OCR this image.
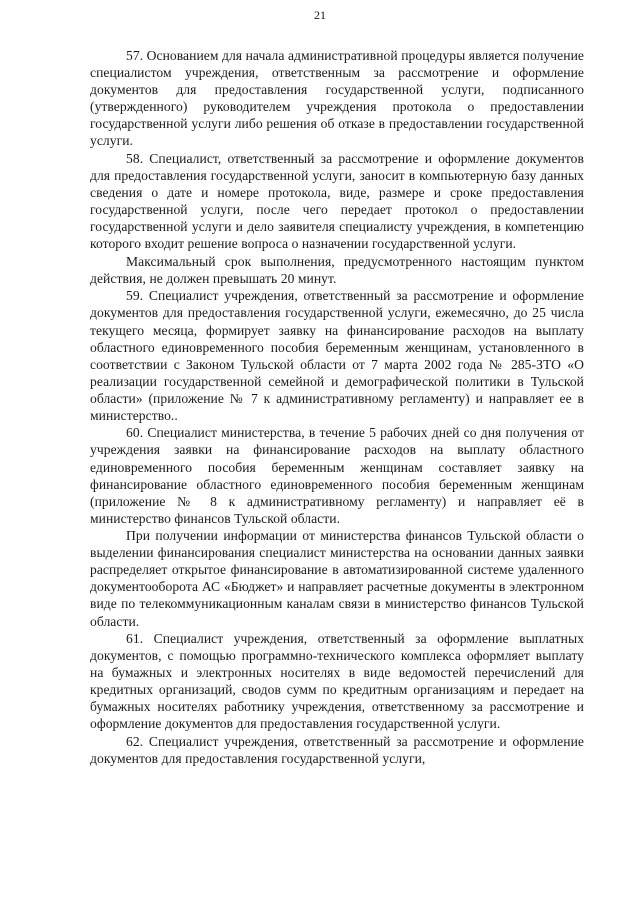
21

57. Основанием для начала административной процедуры является получение специалистом учреждения, ответственным за рассмотрение и оформление документов для предоставления государственной услуги, подписанного (утвержденного) руководителем учреждения протокола о предоставлении государственной услуги либо решения об отказе в предоставлении государственной услуги.

58. Специалист, ответственный за рассмотрение и оформление документов для предоставления государственной услуги, заносит в компьютерную базу данных сведения о дате и номере протокола, виде, размере и сроке предоставления государственной услуги, после чего передает протокол о предоставлении государственной услуги и дело заявителя специалисту учреждения, в компетенцию которого входит решение вопроса о назначении государственной услуги.

Максимальный срок выполнения, предусмотренного настоящим пунктом действия, не должен превышать 20 минут.

59. Специалист учреждения, ответственный за рассмотрение и оформление документов для предоставления государственной услуги, ежемесячно, до 25 числа текущего месяца, формирует заявку на финансирование расходов на выплату областного единовременного пособия беременным женщинам, установленного в соответствии с Законом Тульской области от 7 марта 2002 года № 285-ЗТО «О реализации государственной семейной и демографической политики в Тульской области» (приложение № 7 к административному регламенту) и направляет ее в министерство..

60. Специалист министерства, в течение 5 рабочих дней со дня получения от учреждения заявки на финансирование расходов на выплату областного единовременного пособия беременным женщинам составляет заявку на финансирование областного единовременного пособия беременным женщинам (приложение № 8 к административному регламенту) и направляет её в министерство финансов Тульской области.

При получении информации от министерства финансов Тульской области о выделении финансирования специалист министерства на основании данных заявки распределяет открытое финансирование в автоматизированной системе удаленного документооборота АС «Бюджет» и направляет расчетные документы в электронном виде по телекоммуникационным каналам связи в министерство финансов Тульской области.

61. Специалист учреждения, ответственный за оформление выплатных документов, с помощью программно-технического комплекса оформляет выплату на бумажных и электронных носителях в виде ведомостей перечислений для кредитных организаций, сводов сумм по кредитным организациям и передает на бумажных носителях работнику учреждения, ответственному за рассмотрение и оформление документов для предоставления государственной услуги.

62. Специалист учреждения, ответственный за рассмотрение и оформление документов для предоставления государственной услуги,
